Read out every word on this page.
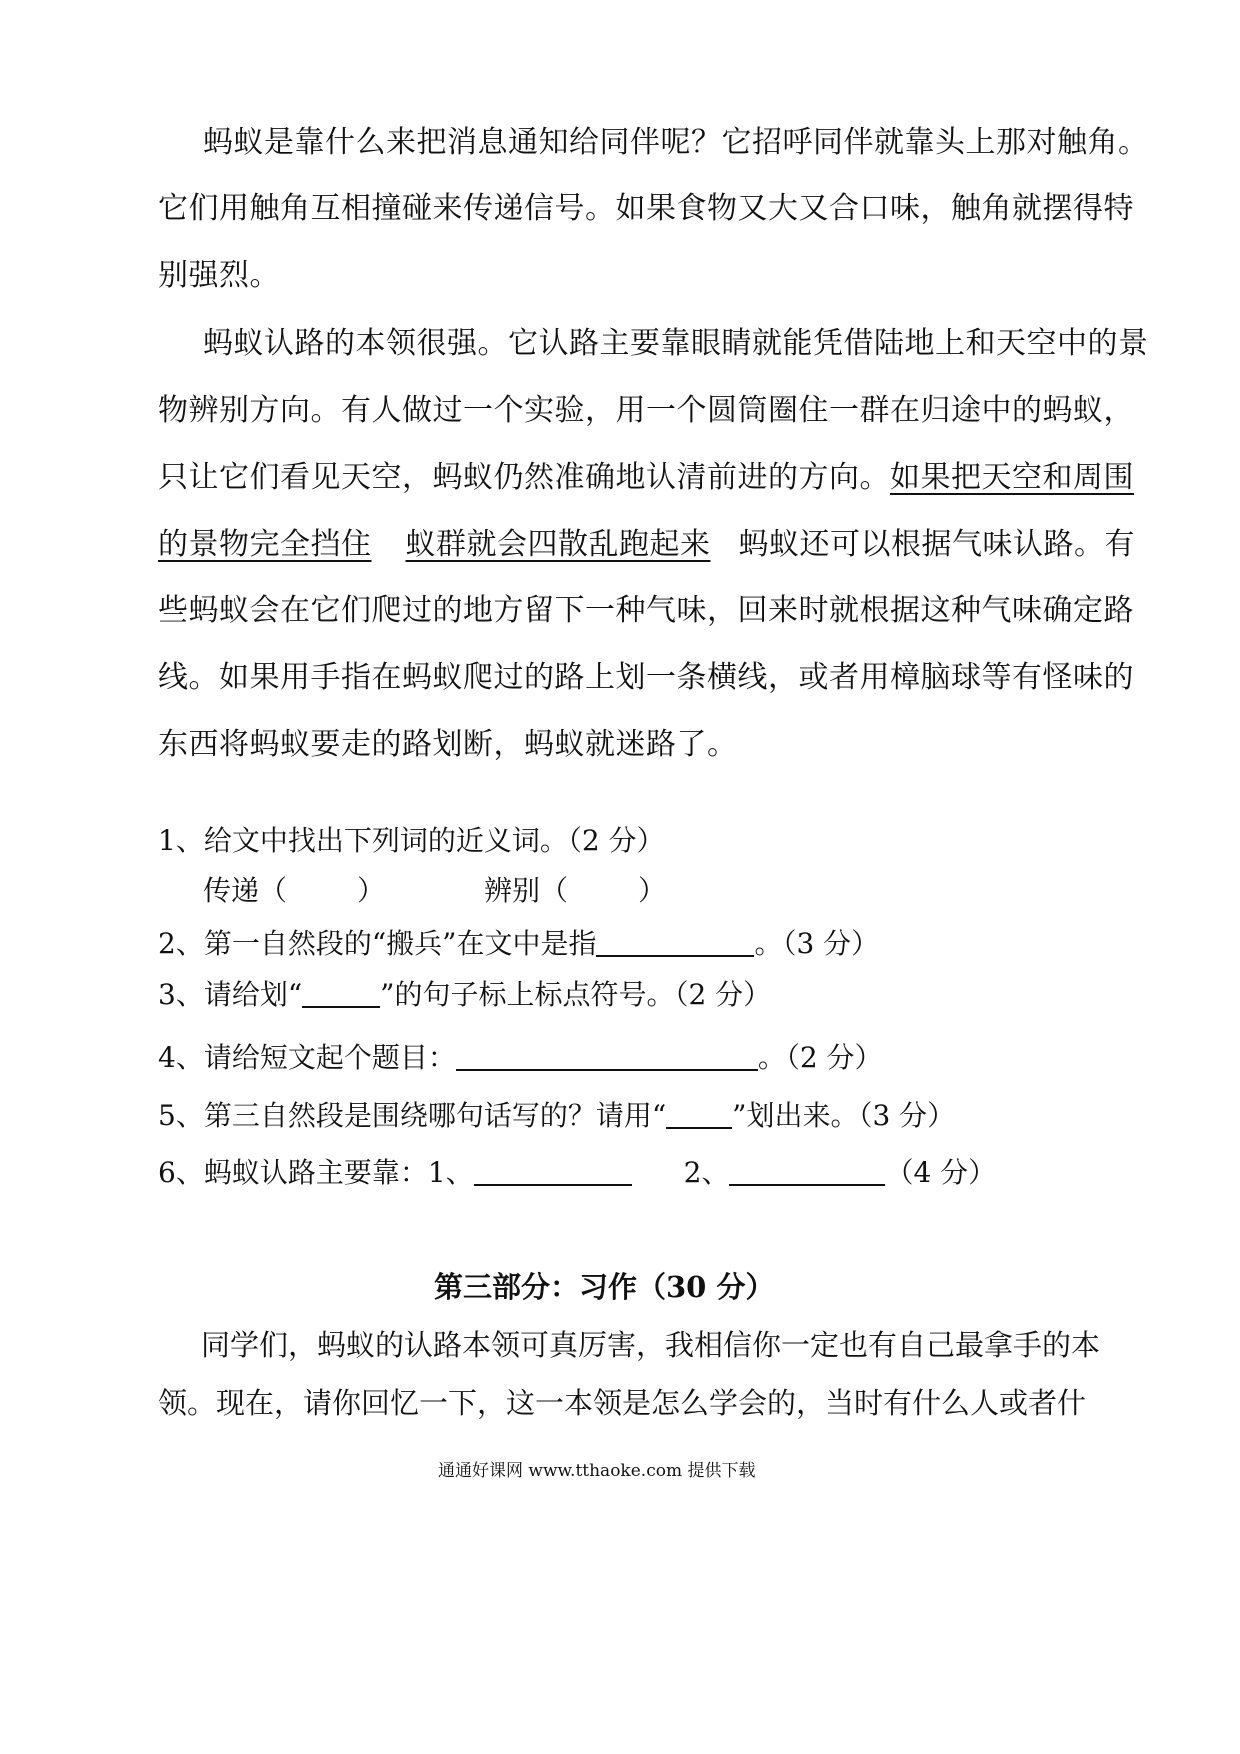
蚂蚁是靠什么来把消息通知给同伴呢？它招呼同伴就靠头上那对触角。
它们用触角互相撞碰来传递信号。如果食物又大又合口味，触角就摆得特
别强烈。
蚂蚁认路的本领很强。它认路主要靠眼睛就能凭借陆地上和天空中的景
物辨别方向。有人做过一个实验，用一个圆筒圈住一群在归途中的蚂蚁，
只让它们看见天空，蚂蚁仍然准确地认清前进的方向。如果把天空和周围
的景物完全挡住 蚁群就会四散乱跑起来 蚂蚁还可以根据气味认路。有
些蚂蚁会在它们爬过的地方留下一种气味，回来时就根据这种气味确定路
线。如果用手指在蚂蚁爬过的路上划一条横线，或者用樟脑球等有怪味的
东西将蚂蚁要走的路划断，蚂蚁就迷路了。
1、给文中找出下列词的近义词。（2 分）
传递（	）	辨别（	）
2、第一自然段的“搬兵”在文中是指	。（3 分）
3、请给划“	”的句子标上标点符号。（2 分）
4、请给短文起个题目：	。（2 分）
5、第三自然段是围绕哪句话写的？请用“ ”划出来。（3 分）
6、蚂蚁认路主要靠：1、	2、	（4 分）
第三部分：习作（30 分）
同学们，蚂蚁的认路本领可真厉害，我相信你一定也有自己最拿手的本
领。现在，请你回忆一下，这一本领是怎么学会的，当时有什么人或者什
通通好课网 www.tthaoke.com 提供下载
